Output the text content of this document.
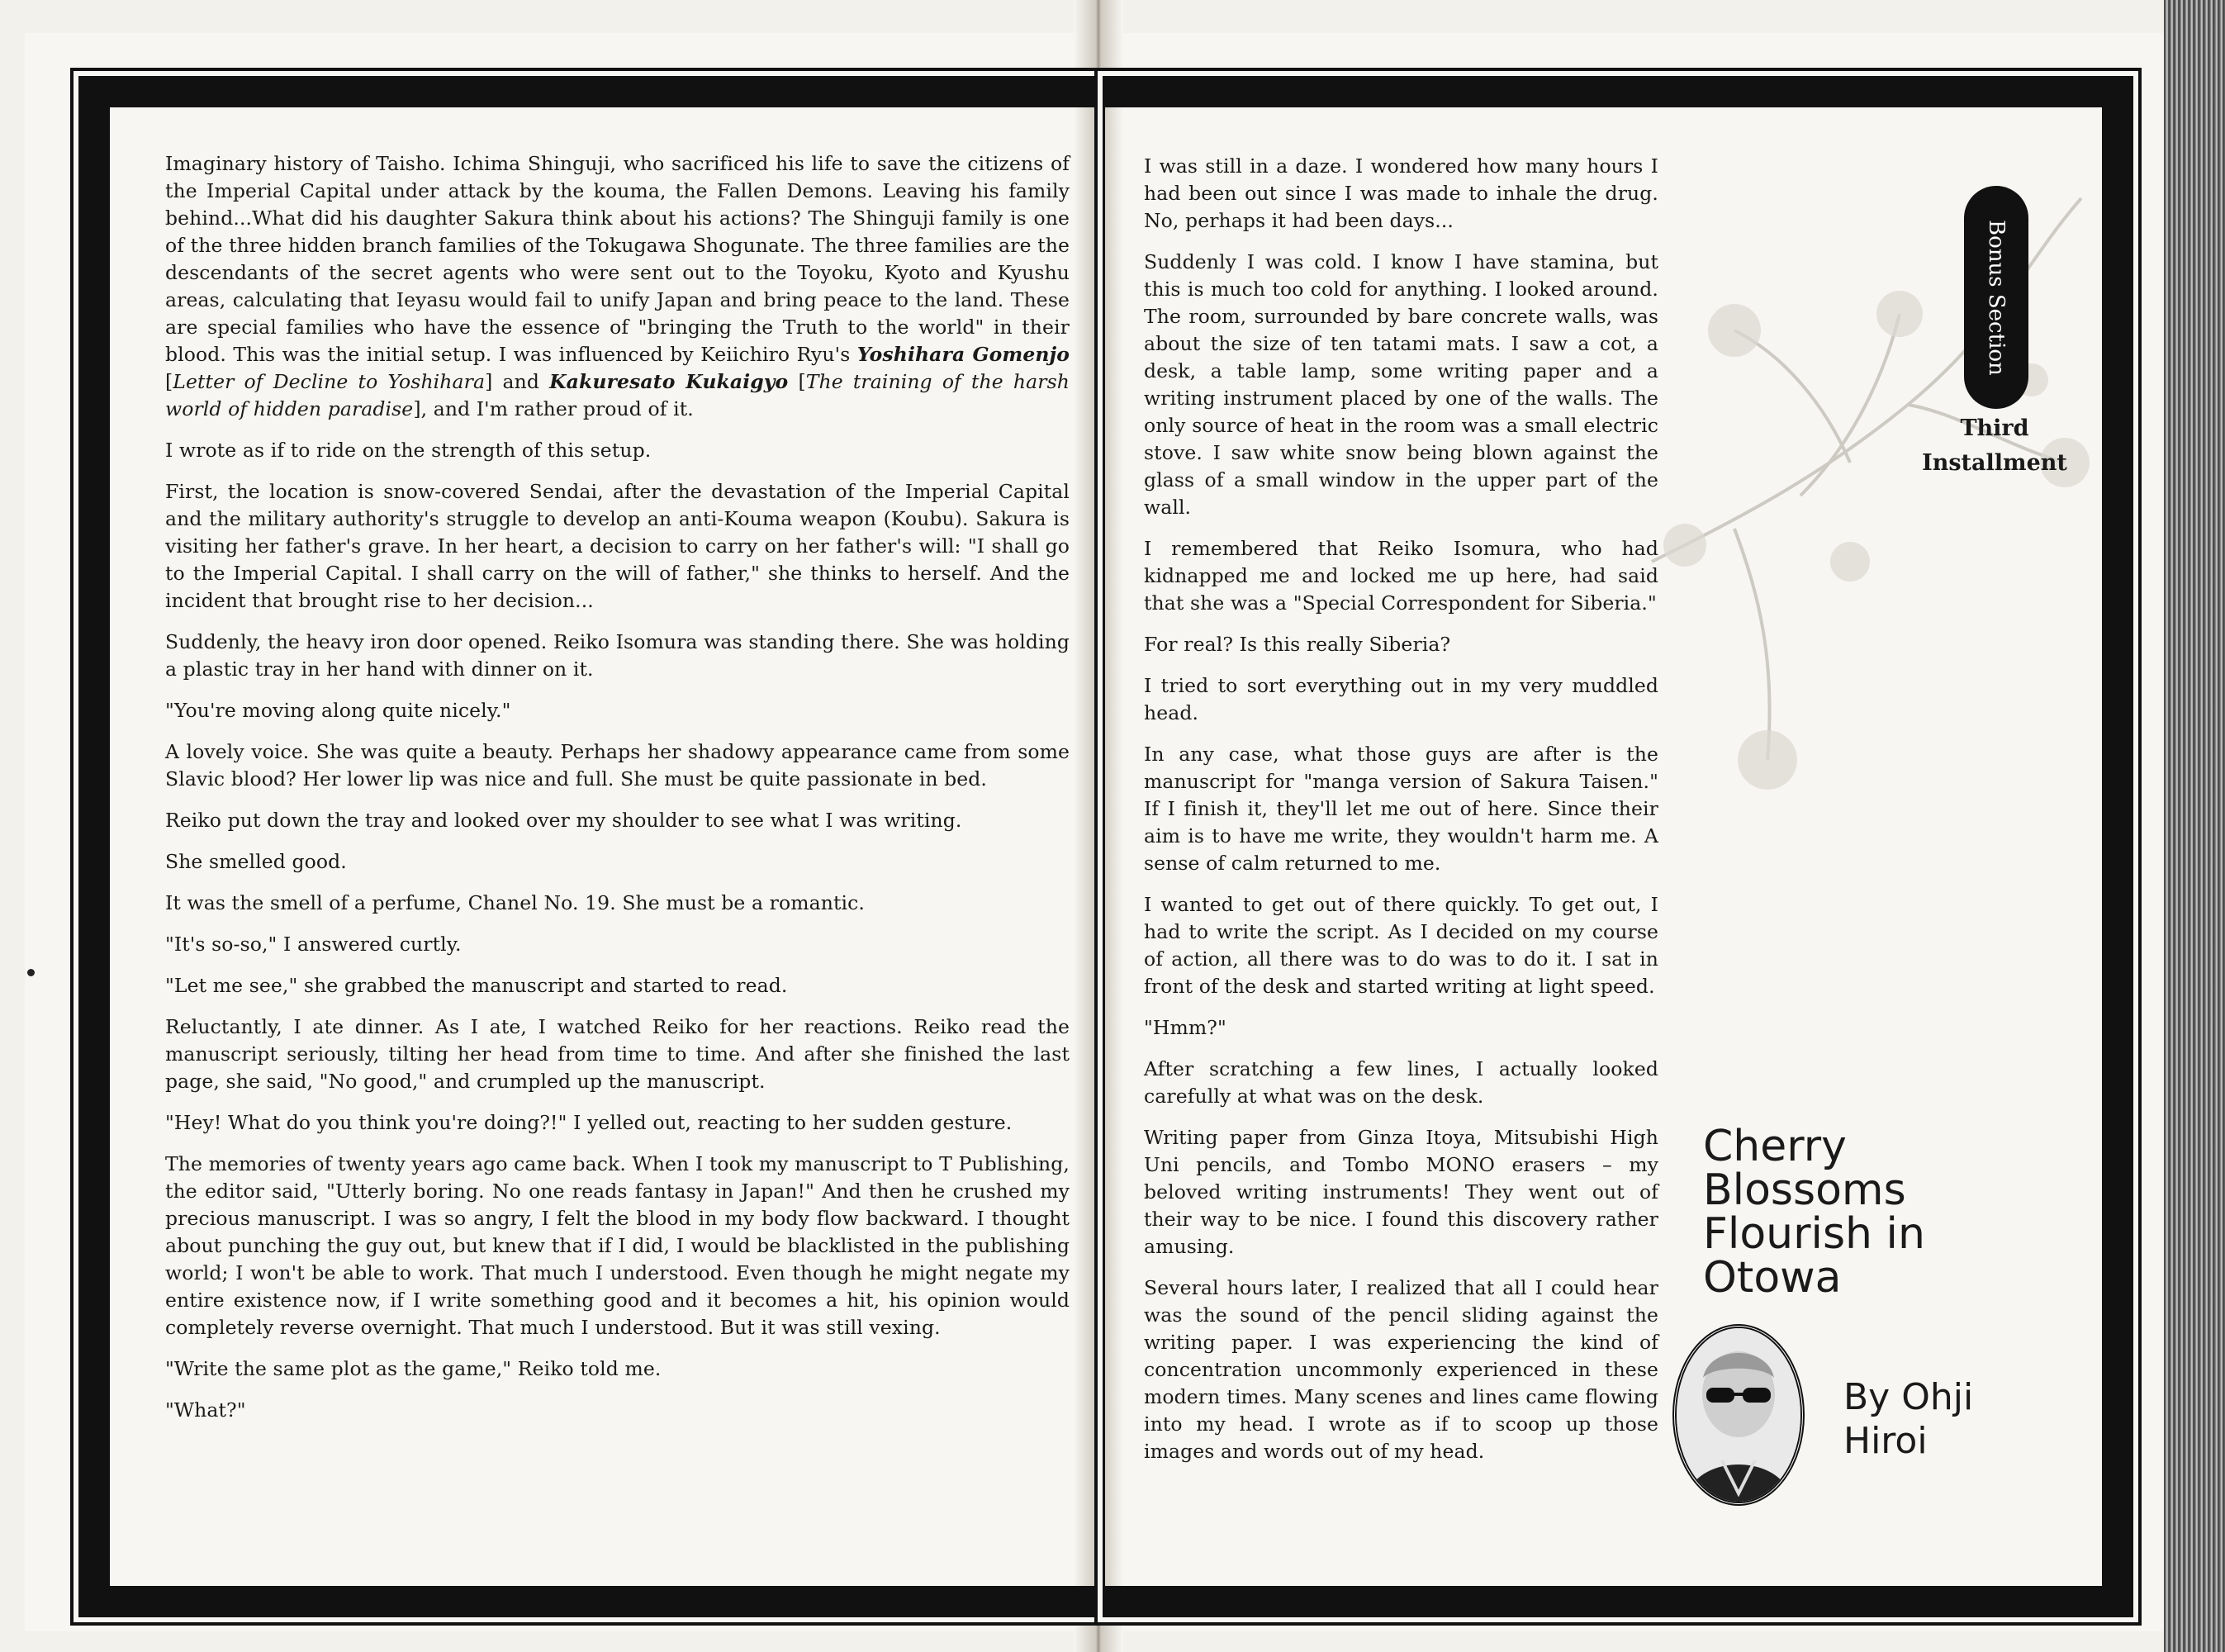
Imaginary history of Taisho. Ichima Shinguji, who sacrificed his life to save the citizens of the Imperial Capital under attack by the kouma, the Fallen Demons. Leaving his family behind...What did his daughter Sakura think about his actions? The Shinguji family is one of the three hidden branch families of the Tokugawa Shogunate. The three families are the descendants of the secret agents who were sent out to the Toyoku, Kyoto and Kyushu areas, calculating that Ieyasu would fail to unify Japan and bring peace to the land. These are special families who have the essence of "bringing the Truth to the world" in their blood. This was the initial setup. I was influenced by Keiichiro Ryu's Yoshihara Gomenjo [Letter of Decline to Yoshihara] and Kakuresato Kukaigyo [The training of the harsh world of hidden paradise], and I'm rather proud of it.

I wrote as if to ride on the strength of this setup.

First, the location is snow-covered Sendai, after the devastation of the Imperial Capital and the military authority's struggle to develop an anti-Kouma weapon (Koubu). Sakura is visiting her father's grave. In her heart, a decision to carry on her father's will: "I shall go to the Imperial Capital. I shall carry on the will of father," she thinks to herself. And the incident that brought rise to her decision...

Suddenly, the heavy iron door opened. Reiko Isomura was standing there. She was holding a plastic tray in her hand with dinner on it.

"You're moving along quite nicely."

A lovely voice. She was quite a beauty. Perhaps her shadowy appearance came from some Slavic blood? Her lower lip was nice and full. She must be quite passionate in bed.

Reiko put down the tray and looked over my shoulder to see what I was writing.

She smelled good.

It was the smell of a perfume, Chanel No. 19. She must be a romantic.

"It's so-so," I answered curtly.

"Let me see," she grabbed the manuscript and started to read.

Reluctantly, I ate dinner. As I ate, I watched Reiko for her reactions. Reiko read the manuscript seriously, tilting her head from time to time. And after she finished the last page, she said, "No good," and crumpled up the manuscript.

"Hey! What do you think you're doing?!" I yelled out, reacting to her sudden gesture.

The memories of twenty years ago came back. When I took my manuscript to T Publishing, the editor said, "Utterly boring. No one reads fantasy in Japan!" And then he crushed my precious manuscript. I was so angry, I felt the blood in my body flow backward. I thought about punching the guy out, but knew that if I did, I would be blacklisted in the publishing world; I won't be able to work. That much I understood. Even though he might negate my entire existence now, if I write something good and it becomes a hit, his opinion would completely reverse overnight. That much I understood. But it was still vexing.

"Write the same plot as the game," Reiko told me.

"What?"

Bonus Section
Third
Installment

I was still in a daze. I wondered how many hours I had been out since I was made to inhale the drug. No, perhaps it had been days...

Suddenly I was cold. I know I have stamina, but this is much too cold for anything. I looked around. The room, surrounded by bare concrete walls, was about the size of ten tatami mats. I saw a cot, a desk, a table lamp, some writing paper and a writing instrument placed by one of the walls. The only source of heat in the room was a small electric stove. I saw white snow being blown against the glass of a small window in the upper part of the wall.

I remembered that Reiko Isomura, who had kidnapped me and locked me up here, had said that she was a "Special Correspondent for Siberia."

For real? Is this really Siberia?

I tried to sort everything out in my very muddled head.

In any case, what those guys are after is the manuscript for "manga version of Sakura Taisen." If I finish it, they'll let me out of here. Since their aim is to have me write, they wouldn't harm me. A sense of calm returned to me.

I wanted to get out of there quickly. To get out, I had to write the script. As I decided on my course of action, all there was to do was to do it. I sat in front of the desk and started writing at light speed.

"Hmm?"

After scratching a few lines, I actually looked carefully at what was on the desk.

Writing paper from Ginza Itoya, Mitsubishi High Uni pencils, and Tombo MONO erasers – my beloved writing instruments! They went out of their way to be nice. I found this discovery rather amusing.

Several hours later, I realized that all I could hear was the sound of the pencil sliding against the writing paper. I was experiencing the kind of concentration uncommonly experienced in these modern times. Many scenes and lines came flowing into my head. I wrote as if to scoop up those images and words out of my head.

Cherry
Blossoms
Flourish in
Otowa
By Ohji
Hiroi
